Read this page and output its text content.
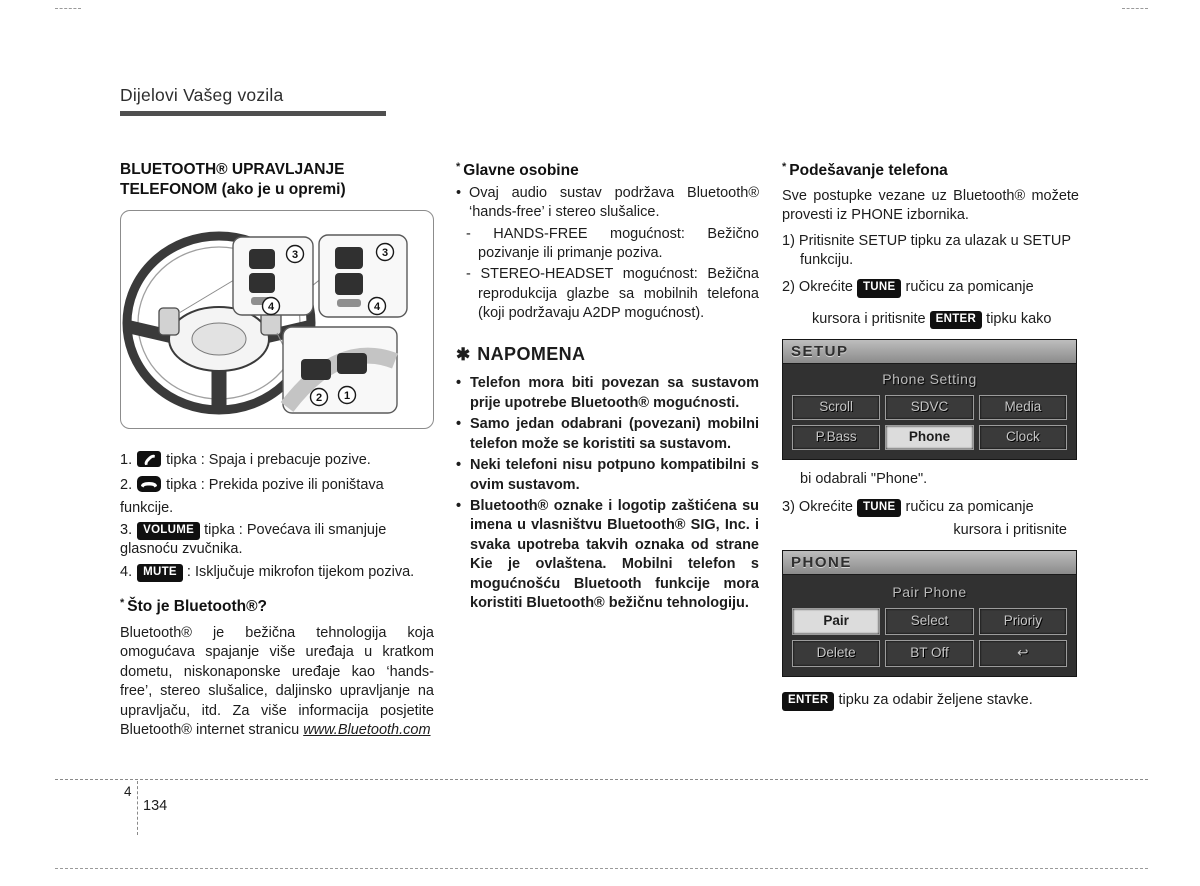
Dijelovi Vašeg vozila
BLUETOOTH® UPRAVLJANJE
TELEFONOM (ako je u opremi)
3
4
3
4
2 1
1. tipka : Spaja i prebacuje pozive.
2. tipka : Prekida pozive ili poništava funkcije.
3. VOLUME tipka : Povećava ili smanjuje glasnoću zvučnika.
4. MUTE : Isključuje mikrofon tijekom poziva.
* Što je Bluetooth®?
Bluetooth® je bežična tehnologija koja omogućava spajanje više uređaja u kratkom dometu, niskonaponske uređaje kao ‘hands-free’, stereo slušalice, daljinsko upravljanje na upravljaču, itd. Za više informacija posjetite Bluetooth® internet stranicu www.Bluetooth.com
* Glavne osobine
Ovaj audio sustav podržava Bluetooth® ‘hands-free’ i stereo slušalice.
- HANDS-FREE mogućnost: Bežično pozivanje ili primanje poziva.
- STEREO-HEADSET mogućnost: Bežična reprodukcija glazbe sa mobilnih telefona (koji podržavaju A2DP mogućnost).
✱ NAPOMENA
Telefon mora biti povezan sa sustavom prije upotrebe Bluetooth® mogućnosti.
Samo jedan odabrani (povezani) mobilni telefon može se koristiti sa sustavom.
Neki telefoni nisu potpuno kompatibilni s ovim sustavom.
Bluetooth® oznake i logotip zaštićena su imena u vlasništvu Bluetooth® SIG, Inc. i svaka upotreba takvih oznaka od strane Kie je ovlaštena. Mobilni telefon s mogućnošću Bluetooth funkcije mora koristiti Bluetooth® bežičnu tehnologiju.
* Podešavanje telefona
Sve postupke vezane uz Bluetooth® možete provesti iz PHONE izbornika.
1) Pritisnite SETUP tipku za ulazak u SETUP funkciju.
2) Okrećite TUNE ručicu za pomicanje
kursora i pritisnite ENTER tipku kako
SETUP
Phone Setting
Scroll	SDVC	Media
P.Bass	Phone	Clock
bi odabrali "Phone".
3) Okrećite TUNE ručicu za pomicanje
kursora i pritisnite
PHONE
Pair Phone
Pair	Select	Prioriy
Delete	BT Off	↩
ENTER tipku za odabir željene stavke.
4
134
